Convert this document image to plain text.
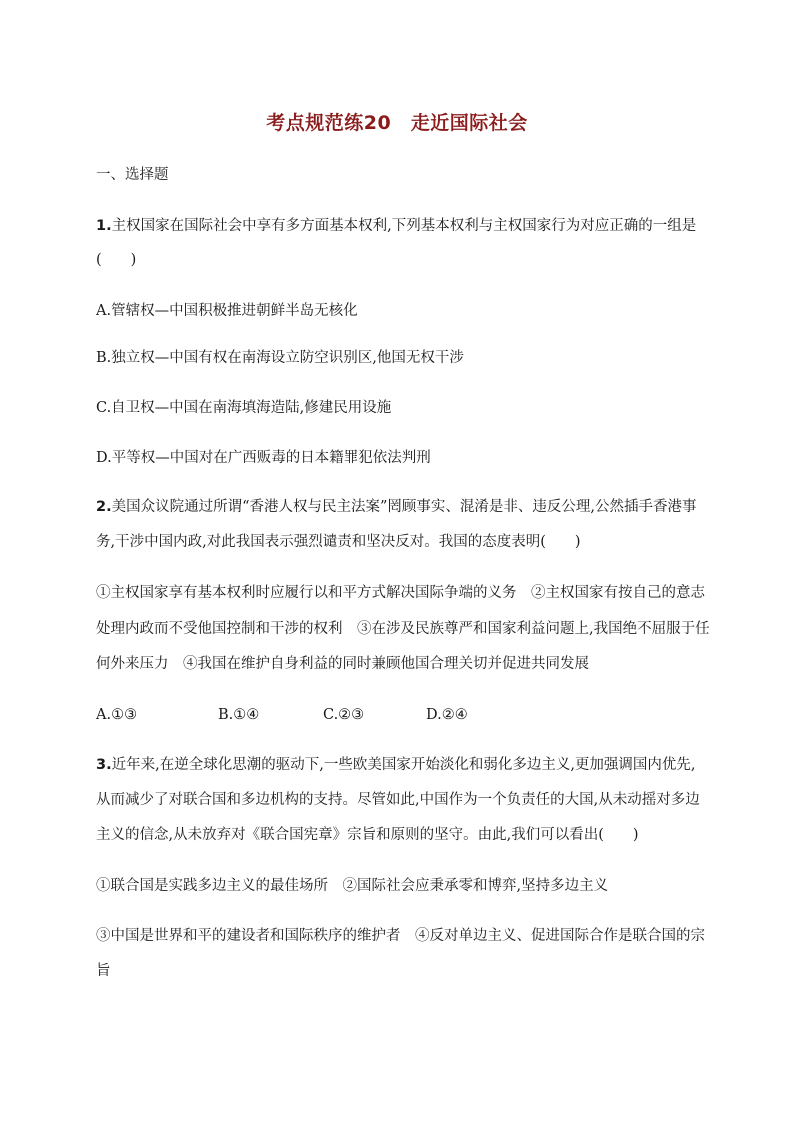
考点规范练20　走近国际社会
一、选择题
1.主权国家在国际社会中享有多方面基本权利,下列基本权利与主权国家行为对应正确的一组是
(　　)
A.管辖权—中国积极推进朝鲜半岛无核化
B.独立权—中国有权在南海设立防空识别区,他国无权干涉
C.自卫权—中国在南海填海造陆,修建民用设施
D.平等权—中国对在广西贩毒的日本籍罪犯依法判刑
2.美国众议院通过所谓“香港人权与民主法案”罔顾事实、混淆是非、违反公理,公然插手香港事
务,干涉中国内政,对此我国表示强烈谴责和坚决反对。我国的态度表明(　　)
①主权国家享有基本权利时应履行以和平方式解决国际争端的义务　②主权国家有按自己的意志
处理内政而不受他国控制和干涉的权利　③在涉及民族尊严和国家利益问题上,我国绝不屈服于任
何外来压力　④我国在维护自身利益的同时兼顾他国合理关切并促进共同发展
A.①③	B.①④	C.②③	D.②④
3.近年来,在逆全球化思潮的驱动下,一些欧美国家开始淡化和弱化多边主义,更加强调国内优先,
从而减少了对联合国和多边机构的支持。尽管如此,中国作为一个负责任的大国,从未动摇对多边
主义的信念,从未放弃对《联合国宪章》宗旨和原则的坚守。由此,我们可以看出(　　)
①联合国是实践多边主义的最佳场所　②国际社会应秉承零和博弈,坚持多边主义
③中国是世界和平的建设者和国际秩序的维护者　④反对单边主义、促进国际合作是联合国的宗
旨
